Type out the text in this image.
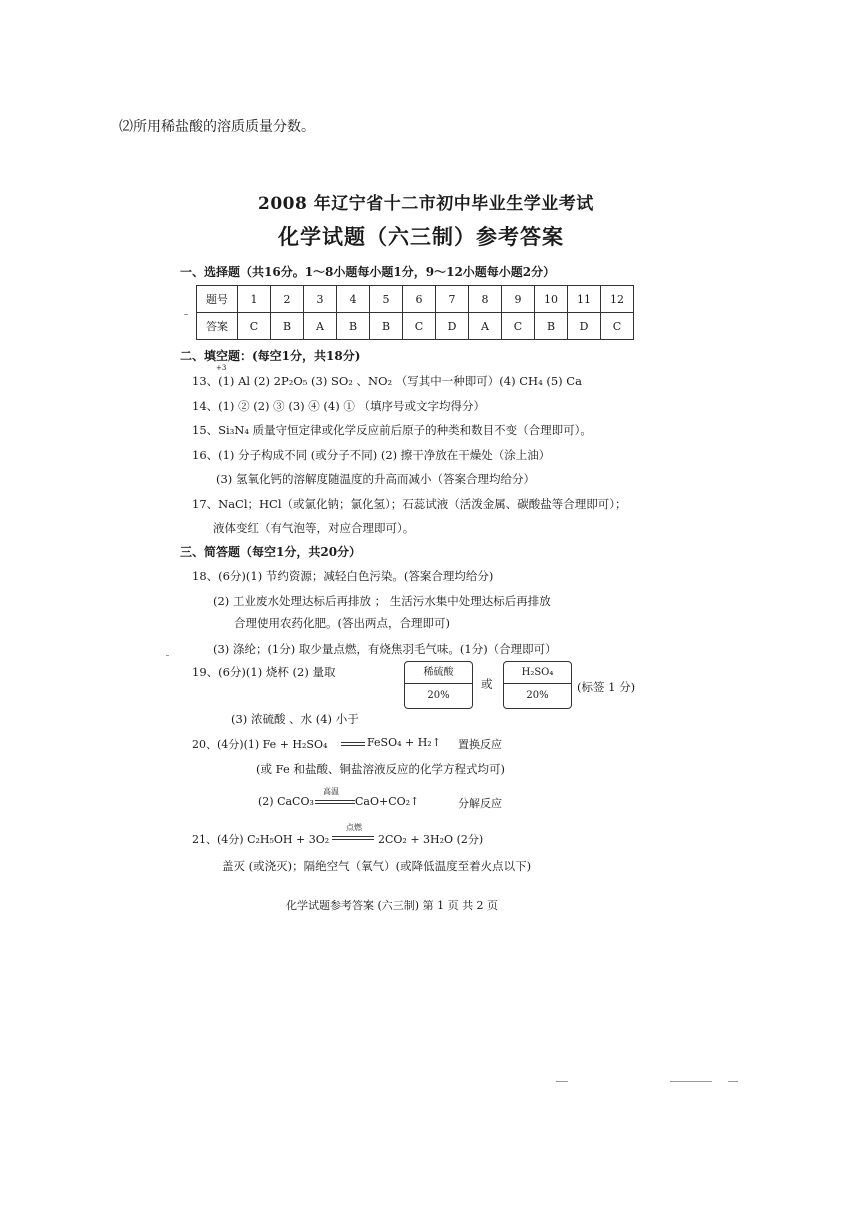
⑵所用稀盐酸的溶质质量分数。
2008 年辽宁省十二市初中毕业生学业考试
化学试题（六三制）参考答案
一、选择题（共16分。1～8小题每小题1分，9～12小题每小题2分）
题号	1	2	3	4	5	6	7	8	9	10	11	12
答案	C	B	A	B	B	C	D	A	C	B	D	C
二、填空题：(每空1分，共18分)
+3
13、(1) Al (2) 2P₂O₅ (3) SO₂ 、NO₂ （写其中一种即可）(4) CH₄ (5) Ca
14、(1) ② (2) ③ (3) ④ (4) ① （填序号或文字均得分）
15、Si₃N₄ 质量守恒定律或化学反应前后原子的种类和数目不变（合理即可）。
16、(1) 分子构成不同 (或分子不同) (2) 擦干净放在干燥处（涂上油）
(3) 氢氧化钙的溶解度随温度的升高而减小（答案合理均给分）
17、NaCl；HCl（或氯化钠；氯化氢）；石蕊试液（活泼金属、碳酸盐等合理即可）；
液体变红（有气泡等，对应合理即可）。
三、简答题（每空1分，共20分）
18、(6分)(1) 节约资源；减轻白色污染。(答案合理均给分)
(2) 工业废水处理达标后再排放 ； 生活污水集中处理达标后再排放
合理使用农药化肥。(答出两点，合理即可)
(3) 涤纶；(1分) 取少量点燃，有烧焦羽毛气味。(1分)（合理即可）
19、(6分)(1) 烧杯 (2) 量取	稀硫酸
20%
或
H₂SO₄
20%
(标签 1 分)
(3) 浓硫酸 、水 (4) 小于
20、(4分)(1) Fe + H₂SO₄	FeSO₄ + H₂↑ 置换反应
(或 Fe 和盐酸、铜盐溶液反应的化学方程式均可)
(2) CaCO₃
高温
CaO+CO₂↑	分解反应
21、(4分) C₂H₅OH + 3O₂
点燃
2CO₂ + 3H₂O (2分)
盖灭 (或浇灭)；隔绝空气（氧气）(或降低温度至着火点以下)
化学试题参考答案 (六三制) 第 1 页 共 2 页
